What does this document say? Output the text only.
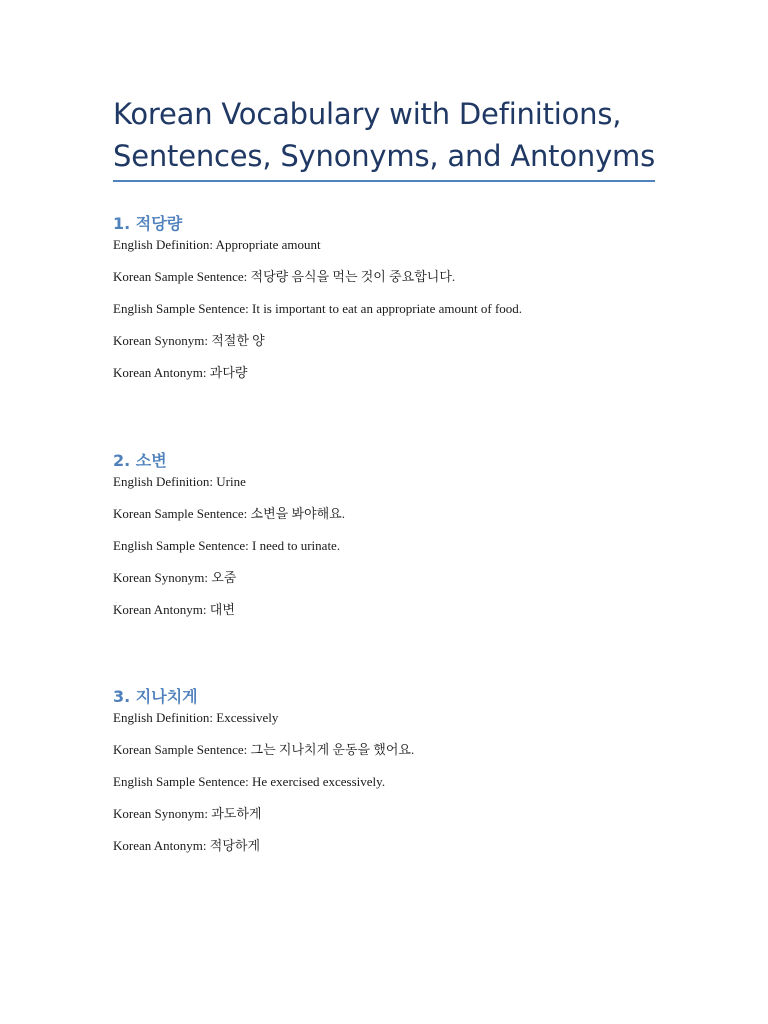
Korean Vocabulary with Definitions, Sentences, Synonyms, and Antonyms
1. 적당량

English Definition: Appropriate amount

Korean Sample Sentence: 적당량 음식을 먹는 것이 중요합니다.

English Sample Sentence: It is important to eat an appropriate amount of food.

Korean Synonym: 적절한 양

Korean Antonym: 과다량

2. 소변

English Definition: Urine

Korean Sample Sentence: 소변을 봐야해요.

English Sample Sentence: I need to urinate.

Korean Synonym: 오줌

Korean Antonym: 대변

3. 지나치게

English Definition: Excessively

Korean Sample Sentence: 그는 지나치게 운동을 했어요.

English Sample Sentence: He exercised excessively.

Korean Synonym: 과도하게

Korean Antonym: 적당하게
